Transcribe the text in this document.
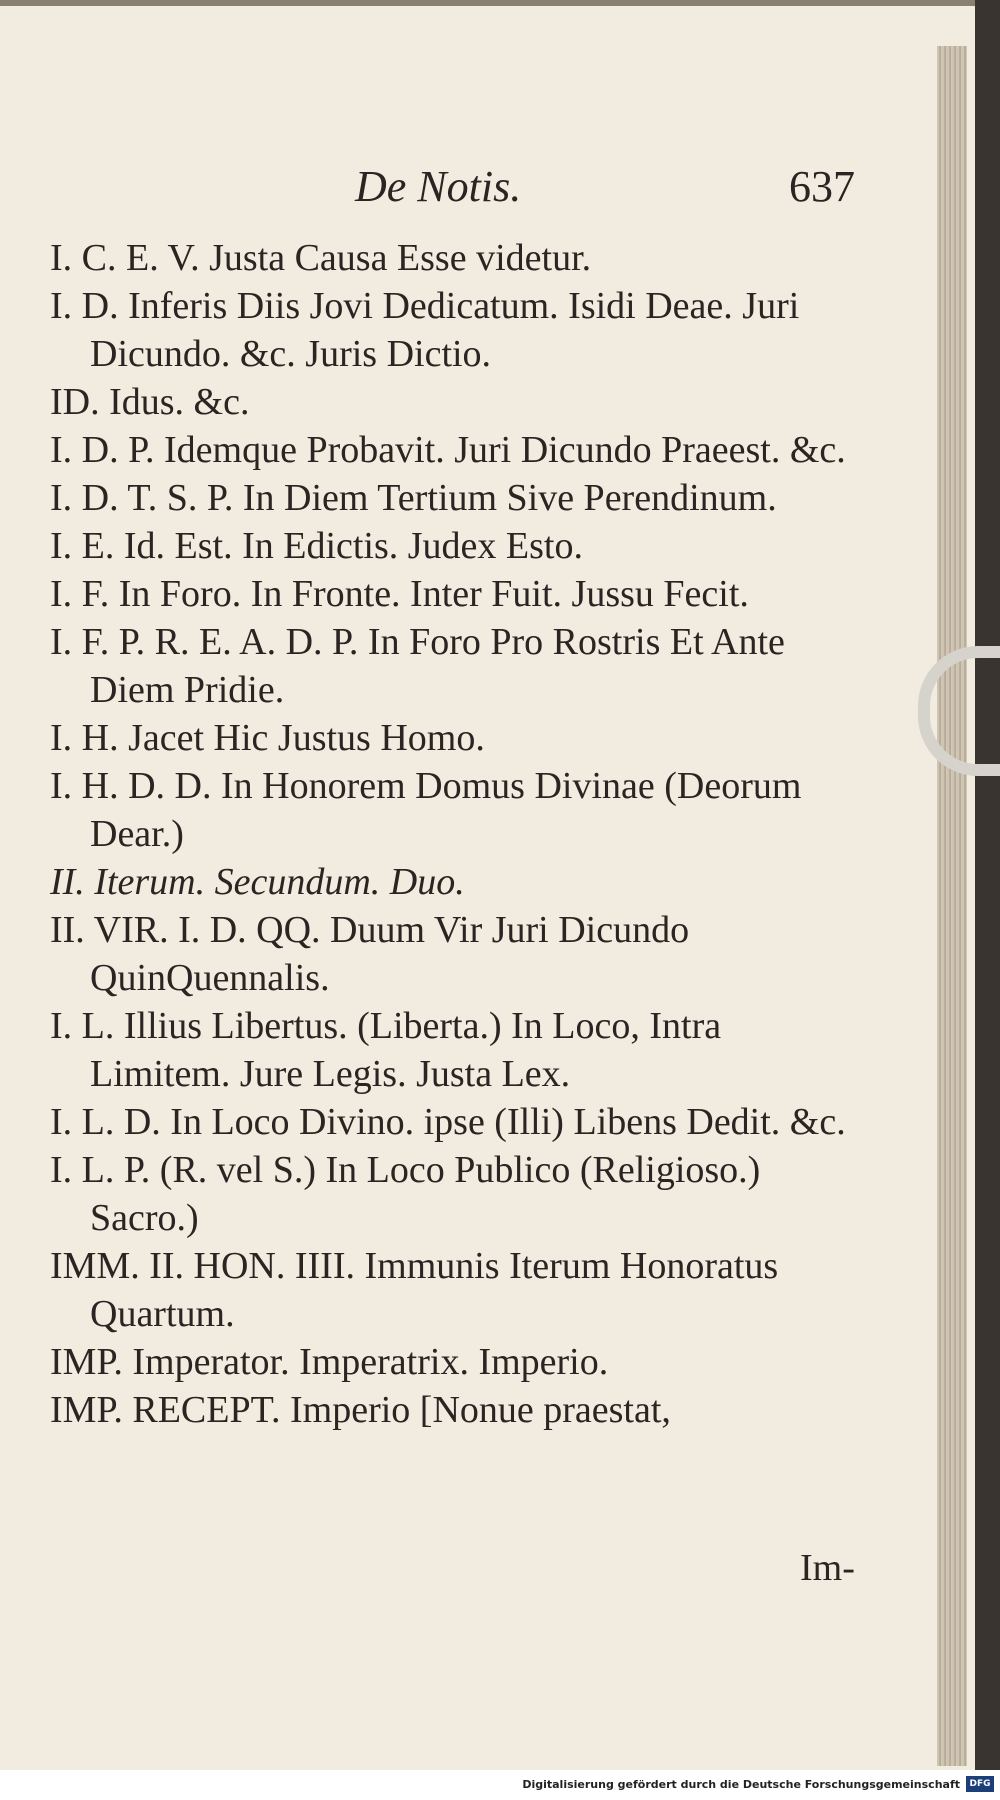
De Notis.	637
I. C. E. V. Justa Causa Esse videtur.
I. D. Inferis Diis Jovi Dedicatum. Isidi Deae. Juri Dicundo. &c. Juris Dictio.
ID. Idus. &c.
I. D. P. Idemque Probavit. Juri Dicundo Praeest. &c.
I. D. T. S. P. In Diem Tertium Sive Perendinum.
I. E. Id. Est. In Edictis. Judex Esto.
I. F. In Foro. In Fronte. Inter Fuit. Jussu Fecit.
I. F. P. R. E. A. D. P. In Foro Pro Rostris Et Ante Diem Pridie.
I. H. Jacet Hic Justus Homo.
I. H. D. D. In Honorem Domus Divinae (Deorum Dear.)
II. Iterum. Secundum. Duo.
II. VIR. I. D. QQ. Duum Vir Juri Dicundo QuinQuennalis.
I. L. Illius Libertus. (Liberta.) In Loco, Intra Limitem. Jure Legis. Justa Lex.
I. L. D. In Loco Divino. ipse (Illi) Libens Dedit. &c.
I. L. P. (R. vel S.) In Loco Publico (Religioso.) Sacro.)
IMM. II. HON. IIII. Immunis Iterum Honoratus Quartum.
IMP. Imperator. Imperatrix. Imperio.
IMP. RECEPT. Imperio [Nonue praestat,
Im-
Digitalisierung gefördert durch die Deutsche Forschungsgemeinschaft	DFG
